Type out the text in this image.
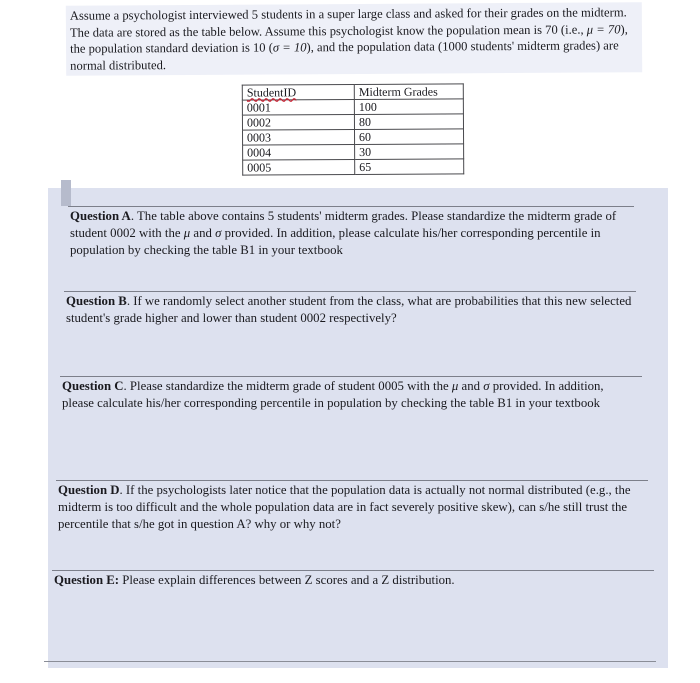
Assume a psychologist interviewed 5 students in a super large class and asked for their grades on the midterm. The data are stored as the table below. Assume this psychologist know the population mean is 70 (i.e., μ = 70), the population standard deviation is 10 (σ = 10), and the population data (1000 students' midterm grades) are normal distributed.
StudentID	Midterm Grades
0001	100
0002	80
0003	60
0004	30
0005	65
Question A. The table above contains 5 students' midterm grades. Please standardize the midterm grade of student 0002 with the μ and σ provided. In addition, please calculate his/her corresponding percentile in population by checking the table B1 in your textbook
Question B. If we randomly select another student from the class, what are probabilities that this new selected student's grade higher and lower than student 0002 respectively?
Question C. Please standardize the midterm grade of student 0005 with the μ and σ provided. In addition, please calculate his/her corresponding percentile in population by checking the table B1 in your textbook
Question D. If the psychologists later notice that the population data is actually not normal distributed (e.g., the midterm is too difficult and the whole population data are in fact severely positive skew), can s/he still trust the percentile that s/he got in question A? why or why not?
Question E: Please explain differences between Z scores and a Z distribution.
